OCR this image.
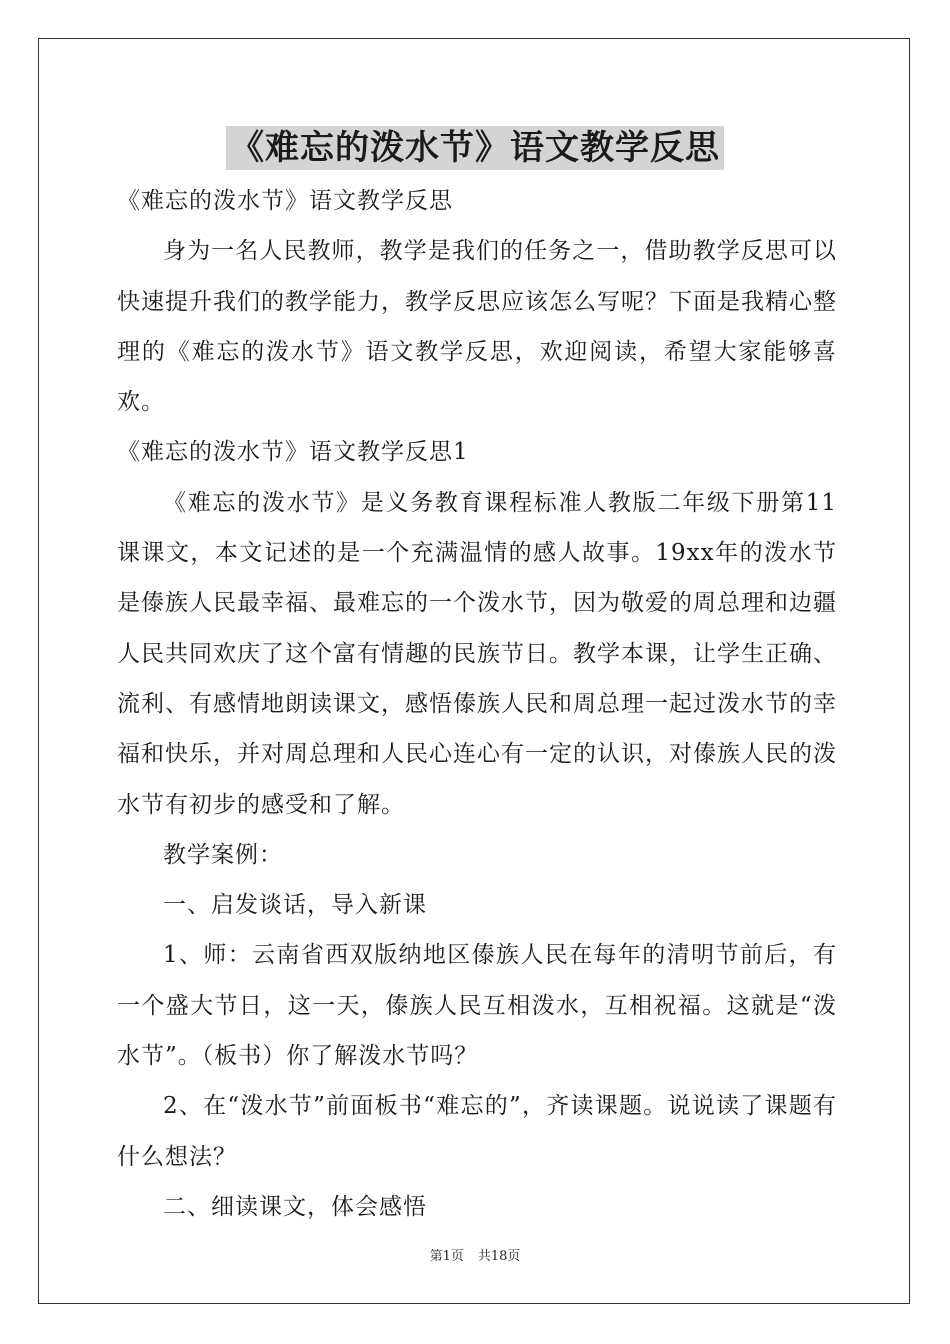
《难忘的泼水节》语文教学反思

《难忘的泼水节》语文教学反思

身为一名人民教师，教学是我们的任务之一，借助教学反思可以快速提升我们的教学能力，教学反思应该怎么写呢？下面是我精心整理的《难忘的泼水节》语文教学反思，欢迎阅读，希望大家能够喜欢。

《难忘的泼水节》语文教学反思1

《难忘的泼水节》是义务教育课程标准人教版二年级下册第11课课文，本文记述的是一个充满温情的感人故事。19xx年的泼水节是傣族人民最幸福、最难忘的一个泼水节，因为敬爱的周总理和边疆人民共同欢庆了这个富有情趣的民族节日。教学本课，让学生正确、流利、有感情地朗读课文，感悟傣族人民和周总理一起过泼水节的幸福和快乐，并对周总理和人民心连心有一定的认识，对傣族人民的泼水节有初步的感受和了解。

教学案例：

一、启发谈话，导入新课

1、师：云南省西双版纳地区傣族人民在每年的清明节前后，有一个盛大节日，这一天，傣族人民互相泼水，互相祝福。这就是“泼水节”。（板书）你了解泼水节吗？

2、在“泼水节”前面板书“难忘的”，齐读课题。说说读了课题有什么想法？

二、细读课文，体会感悟

第1页 共18页
